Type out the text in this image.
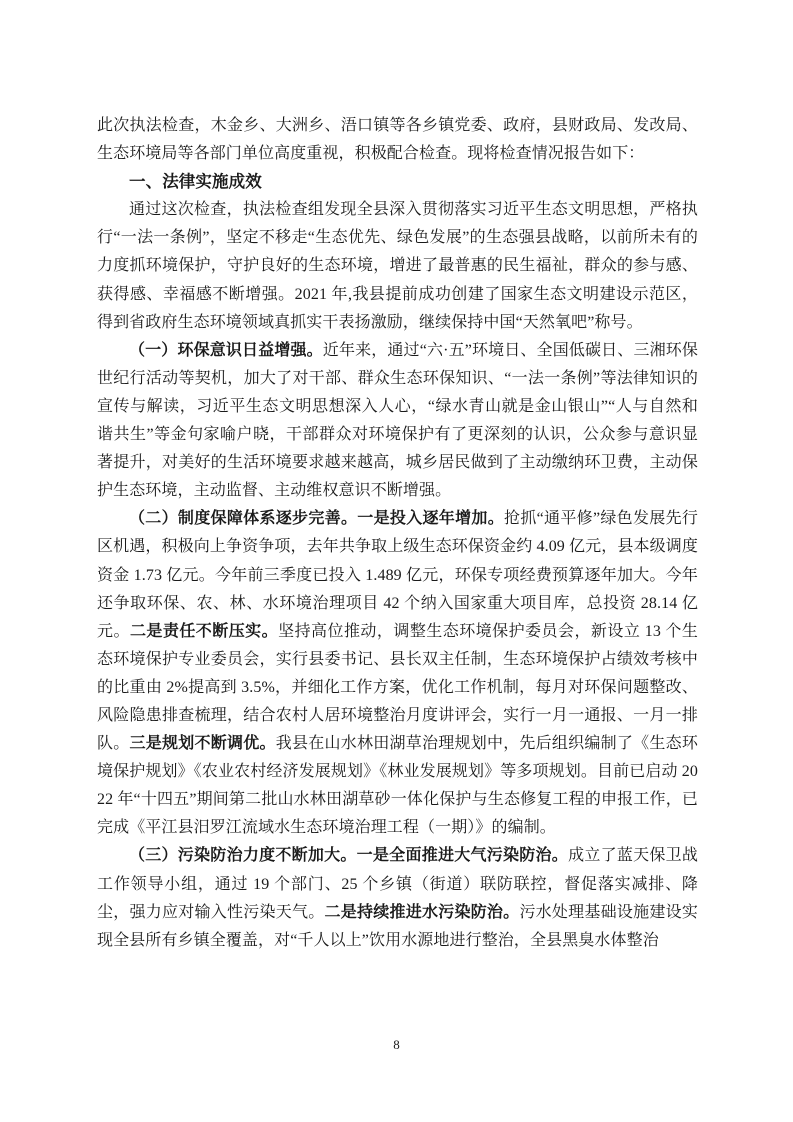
此次执法检查，木金乡、大洲乡、浯口镇等各乡镇党委、政府，县财政局、发改局、生态环境局等各部门单位高度重视，积极配合检查。现将检查情况报告如下：

一、法律实施成效

通过这次检查，执法检查组发现全县深入贯彻落实习近平生态文明思想，严格执行“一法一条例”，坚定不移走“生态优先、绿色发展”的生态强县战略，以前所未有的力度抓环境保护，守护良好的生态环境，增进了最普惠的民生福祉，群众的参与感、获得感、幸福感不断增强。2021 年,我县提前成功创建了国家生态文明建设示范区，得到省政府生态环境领域真抓实干表扬激励，继续保持中国“天然氧吧”称号。

（一）环保意识日益增强。近年来，通过“六·五”环境日、全国低碳日、三湘环保世纪行活动等契机，加大了对干部、群众生态环保知识、“一法一条例”等法律知识的宣传与解读，习近平生态文明思想深入人心，“绿水青山就是金山银山”“人与自然和谐共生”等金句家喻户晓，干部群众对环境保护有了更深刻的认识，公众参与意识显著提升，对美好的生活环境要求越来越高，城乡居民做到了主动缴纳环卫费，主动保护生态环境，主动监督、主动维权意识不断增强。

（二）制度保障体系逐步完善。一是投入逐年增加。抢抓“通平修”绿色发展先行区机遇，积极向上争资争项，去年共争取上级生态环保资金约 4.09 亿元，县本级调度资金 1.73 亿元。今年前三季度已投入 1.489 亿元，环保专项经费预算逐年加大。今年还争取环保、农、林、水环境治理项目 42 个纳入国家重大项目库，总投资 28.14 亿元。二是责任不断压实。坚持高位推动，调整生态环境保护委员会，新设立 13 个生态环境保护专业委员会，实行县委书记、县长双主任制，生态环境保护占绩效考核中的比重由 2%提高到 3.5%，并细化工作方案，优化工作机制，每月对环保问题整改、风险隐患排查梳理，结合农村人居环境整治月度讲评会，实行一月一通报、一月一排队。三是规划不断调优。我县在山水林田湖草治理规划中，先后组织编制了《生态环境保护规划》《农业农村经济发展规划》《林业发展规划》等多项规划。目前已启动 2022 年“十四五”期间第二批山水林田湖草砂一体化保护与生态修复工程的申报工作，已完成《平江县汨罗江流域水生态环境治理工程（一期）》的编制。

（三）污染防治力度不断加大。一是全面推进大气污染防治。成立了蓝天保卫战工作领导小组，通过 19 个部门、25 个乡镇（街道）联防联控，督促落实减排、降尘，强力应对输入性污染天气。二是持续推进水污染防治。污水处理基础设施建设实现全县所有乡镇全覆盖，对“千人以上”饮用水源地进行整治，全县黑臭水体整治

8
